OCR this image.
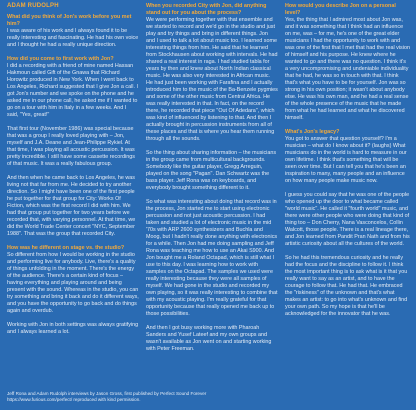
ADAM RUDOLPH

What did you think of Jon's work before you met him?

I was aware of his work and I always found it to be really interesting and fascinating. He had his own voice and I thought he had a really unique direction.

How did you come to first work with Jon?

I did a recording with a friend of mine named Hassan Hakmoun called Gift of the Gnawa that Richard Horowitz produced in New York. When I went back to Los Angeles, Richard suggested that I give Jon a call. I got Jon's number and we spoke on the phone and he asked me in our phone call, he asked me if I wanted to go on a tour with him in Italy in a few weeks. And I said, "Yes, great!"

That first tour (November 1986) was special because that was a group I really loved playing with – Jon, myself and J.A. Deane and Jean-Philippe Rykiel. At that time, I was playing all acoustic percussion. It was pretty incredible. I still have some cassette recordings of that music. It was a really fabulous group.

And then when he came back to Los Angeles, he was living not that far from me. He decided to try another direction. So I might have been one of the first people he put together for that group for City: Works Of Fiction, which was the first record I did with him. We had that group put together for two years before we recorded that, with varying personnel. At that time, we did the World Trade Center concert "NYC, September 1988". That was the group that recorded City.

How was he different on stage vs. the studio?

So different from how I would be working in the studio and performing live for anybody. Live, there's a quality of things unfolding in the moment. There's the energy of the audience. There's a certain kind of focus – having everything and playing around and being present with the sound. Whereas in the studio, you can try something and bring it back and do it different ways, and you have the opportunity to go back and do things again and overdub.

Working with Jon in both settings was always gratifying and I always learned a lot.

When you recorded City with Jon, did anything stand out for you about the process?

We were performing together with that ensemble and we started to record and we'd go in the studio and just play and try things and bring in different things. Jon and I used to talk a lot about music too. I learned some interesting things from him. He said that he learned from Stockhausen about working with intervals. He had shared a real interest in raga. I had studied tabla for years by then and knew about North Indian classical music. He was also very interested in African music. He had just been working with Farafina and I actually introduced him to the music of the Ba-Benzele pygmies and some of the other music from Central Africa. He was really interested in that. In fact, on the record there, he recorded that piece "Out Of Adedara", which was kind of influenced by listening to that. And then I actually brought in percussion instruments from all of these places and that is where you hear them running through all the sounds.

So the thing about sharing information – the musicians in the group came from multicultural backgrounds. Somebody like the guitar player, Gregg Arreguin, played on the song "Pagan". Dan Schwartz was the bass player. Jeff Rona was on keyboards, and everybody brought something different to it.

So what was interesting about doing that record was in the process, Jon started me to start using electronic percussion and not just acoustic percussion. I had taken and studied a lot of electronic music in the mid '70s with ARP 2600 synthesizers and Buchla and Moog, but I hadn't really done anything with electronics for a while. Then Jon had me doing sampling and Jeff Rona was teaching me how to use an Akai S900. And Jon bought me a Roland Octapad, which is still what I use to this day. I was learning how to work with samples on the Octapad. The samples we used were really interesting because they were all samples of myself. We had gone in the studio and recorded my own playing, so it was really interesting to combine that with my acoustic playing. I'm really grateful for that opportunity because that really opened me back up to those possibilities.

And then I got busy working more with Pharoah Sanders and Yusef Lateef and my own groups and wasn't available as Jon went on and starting working with Peter Freeman.

How would you describe Jon on a personal level?

Yes, the thing that I admired most about Jon was, and it was something that I think had an influence on me, was – for me, he's one of the great elder musicians I had the opportunity to work with and was one of the first that I met that had the real vision of himself and his purpose. He knew where he wanted to go and there was no question. I think it's a very uncompromising and undeniable individuality that he had, he was so in touch with that. I think that's what you have to be for yourself. Jon was so strong in his own position; it wasn't about anybody else. He was his own man, and he had a real sense of the whole presence of the music that he made from what he had learned and what he discovered himself.

What's Jon's legacy?

You got to answer that question yourself? I'm a musician – what do I know about it? (laughs) What musicians do in the world is hard to measure in our own lifetime. I think that's something that will be seen over time. But I can tell you that he's been an inspiration to many, many people and an influence on how many people make music now.

I guess you could say that he was one of the people who opened up the door to what became called "world music". He called it "fourth world" music, and there were other people who were doing that kind of thing too – Don Cherry, Nana Vasconcelos, Collin Walcott, those people. There is a real lineage there, and Jon learned from Pandit Pran Nath and from his artistic curiosity about all the cultures of the world.

So he had this tremendous curiosity and he really had the focus and the discipline to follow it. I think the most important thing is to ask what is it that you really want to say as an artist, and to have the courage to follow that. He had that. He embraced the "riskiness" of the unknown and that's what makes an artist: to go into what's unknown and find your own path. So my hope is that he'll be acknowledged for the innovator that he was.

Jeff Rona and Adam Rudolph interviews by Jason Gross, first published by Perfect Sound Forever

https://www.furious.com/perfect/ reproduced with kind permission.
